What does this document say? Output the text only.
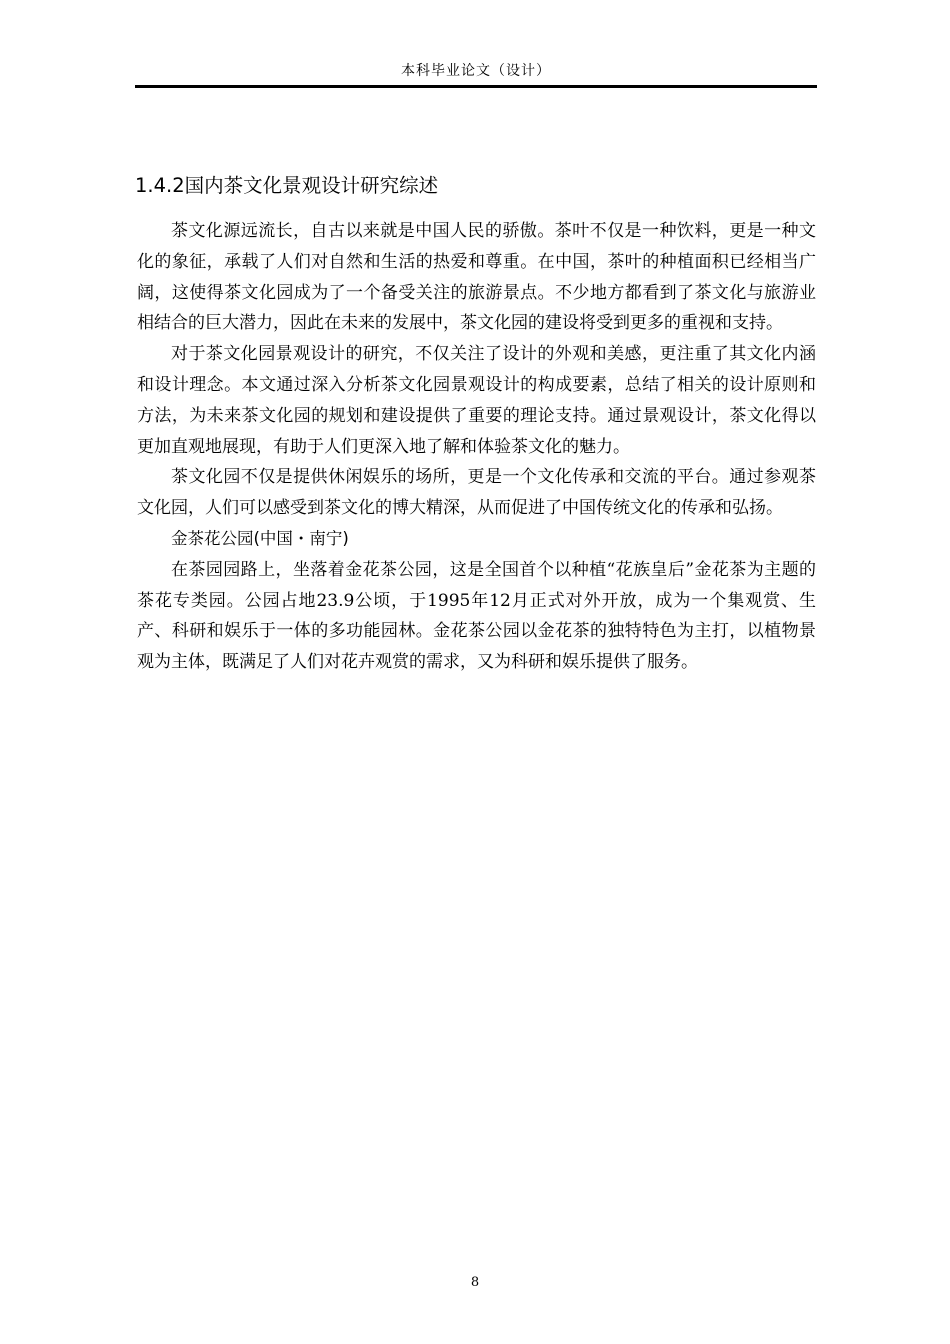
本科毕业论文（设计）
1.4.2国内茶文化景观设计研究综述

茶文化源远流长，自古以来就是中国人民的骄傲。茶叶不仅是一种饮料，更是一种文化的象征，承载了人们对自然和生活的热爱和尊重。在中国，茶叶的种植面积已经相当广阔，这使得茶文化园成为了一个备受关注的旅游景点。不少地方都看到了茶文化与旅游业相结合的巨大潜力，因此在未来的发展中，茶文化园的建设将受到更多的重视和支持。

对于茶文化园景观设计的研究，不仅关注了设计的外观和美感，更注重了其文化内涵和设计理念。本文通过深入分析茶文化园景观设计的构成要素，总结了相关的设计原则和方法，为未来茶文化园的规划和建设提供了重要的理论支持。通过景观设计，茶文化得以更加直观地展现，有助于人们更深入地了解和体验茶文化的魅力。

茶文化园不仅是提供休闲娱乐的场所，更是一个文化传承和交流的平台。通过参观茶文化园，人们可以感受到茶文化的博大精深，从而促进了中国传统文化的传承和弘扬。

金茶花公园(中国・南宁)

在茶园园路上，坐落着金花茶公园，这是全国首个以种植“花族皇后”金花茶为主题的茶花专类园。公园占地23.9公顷，于1995年12月正式对外开放，成为一个集观赏、生产、科研和娱乐于一体的多功能园林。金花茶公园以金花茶的独特特色为主打，以植物景观为主体，既满足了人们对花卉观赏的需求，又为科研和娱乐提供了服务。

8
